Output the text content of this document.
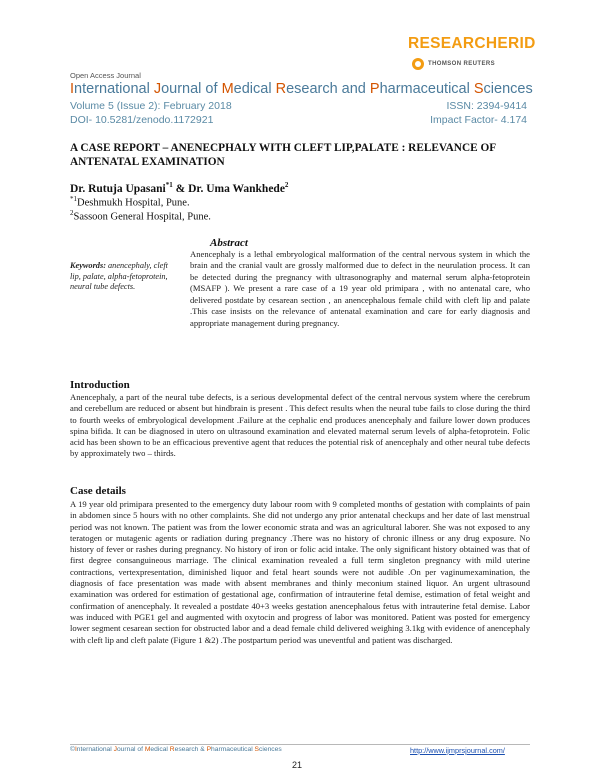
RESEARCHERID
THOMSON REUTERS
Open Access Journal
International Journal of Medical Research and Pharmaceutical Sciences
Volume 5 (Issue 2): February 2018	ISSN: 2394-9414
DOI- 10.5281/zenodo.1172921	Impact Factor- 4.174
A CASE REPORT – ANENECPHALY WITH CLEFT LIP,PALATE : RELEVANCE OF ANTENATAL EXAMINATION
Dr. Rutuja Upasani$^{*1}$ & Dr. Uma Wankhede$^2$
$^{*1}$Deshmukh Hospital, Pune.
$^2$Sassoon General Hospital, Pune.
Abstract
Anencephaly is a lethal embryological malformation of the central nervous system in which the brain and the cranial vault are grossly malformed due to defect in the neurulation process. It can be detected during the pregnancy with ultrasonography and maternal serum alpha-fetoprotein (MSAFP ). We present a rare case of a 19 year old primipara , with no antenatal care, who delivered postdate by cesarean section , an anencephalous female child with cleft lip and palate .This case insists on the relevance of antenatal examination and care for early diagnosis and appropriate management during pregnancy.
Keywords: anencephaly, cleft lip, palate, alpha-fetoprotein, neural tube defects.
Introduction
Anencephaly, a part of the neural tube defects, is a serious developmental defect of the central nervous system where the cerebrum and cerebellum are reduced or absent but hindbrain is present . This defect results when the neural tube fails to close during the third to fourth weeks of embryological development .Failure at the cephalic end produces anencephaly and failure lower down produces spina bifida. It can be diagnosed in utero on ultrasound examination and elevated maternal serum levels of alpha-fetoprotein. Folic acid has been shown to be an efficacious preventive agent that reduces the potential risk of anencephaly and other neural tube defects by approximately two – thirds.
Case details
A 19 year old primipara presented to the emergency duty labour room with 9 completed months of gestation with complaints of pain in abdomen since 5 hours with no other complaints. She did not undergo any prior antenatal checkups and her date of last menstrual period was not known. The patient was from the lower economic strata and was an agricultural laborer. She was not exposed to any teratogen or mutagenic agents or radiation during pregnancy .There was no history of chronic illness or any drug exposure. No history of fever or rashes during pregnancy. No history of iron or folic acid intake. The only significant history obtained was that of first degree consanguineous marriage. The clinical examination revealed a full term singleton pregnancy with mild uterine contractions, vertexpresentation, diminished liquor and fetal heart sounds were not audible .On per vaginumexamination, the diagnosis of face presentation was made with absent membranes and thinly meconium stained liquor. An urgent ultrasound examination was ordered for estimation of gestational age, confirmation of intrauterine fetal demise, estimation of fetal weight and confirmation of anencephaly. It revealed a postdate 40+3 weeks gestation anencephalous fetus with intrauterine fetal demise. Labor was induced with PGE1 gel and augmented with oxytocin and progress of labor was monitored. Patient was posted for emergency lower segment cesarean section for obstructed labor and a dead female child delivered weighing 3.1kg with evidence of anencephaly with cleft lip and cleft palate (Figure 1 &2) .The postpartum period was uneventful and patient was discharged.
©International Journal of Medical Research & Pharmaceutical Sciences	http://www.ijmprsjournal.com/
21
